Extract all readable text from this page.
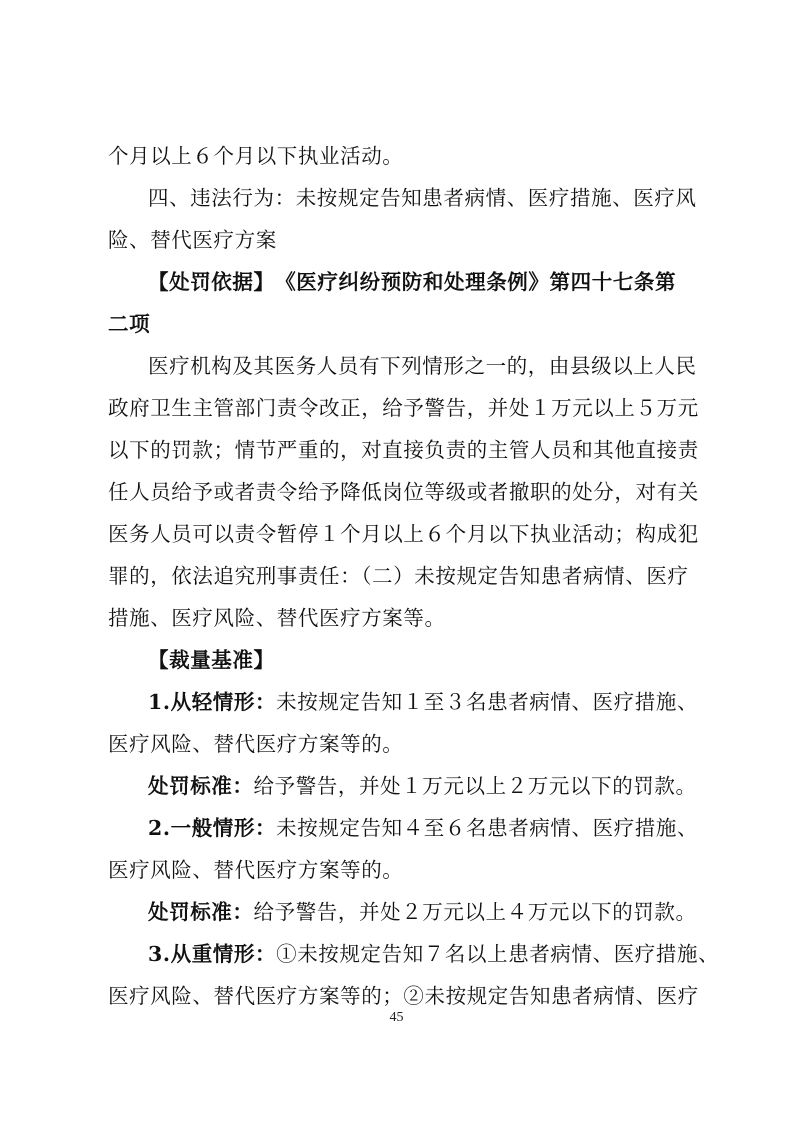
个月以上６个月以下执业活动。
四、违法行为：未按规定告知患者病情、医疗措施、医疗风
险、替代医疗方案
【处罚依据】　《医疗纠纷预防和处理条例》第四十七条第
二项
医疗机构及其医务人员有下列情形之一的，由县级以上人民
政府卫生主管部门责令改正，给予警告，并处１万元以上５万元
以下的罚款；情节严重的，对直接负责的主管人员和其他直接责
任人员给予或者责令给予降低岗位等级或者撤职的处分，对有关
医务人员可以责令暂停１个月以上６个月以下执业活动；构成犯
罪的，依法追究刑事责任：（二）未按规定告知患者病情、医疗
措施、医疗风险、替代医疗方案等。
【裁量基准】
1.从轻情形：未按规定告知１至３名患者病情、医疗措施、
医疗风险、替代医疗方案等的。
处罚标准：给予警告，并处１万元以上２万元以下的罚款。
2.一般情形：未按规定告知４至６名患者病情、医疗措施、
医疗风险、替代医疗方案等的。
处罚标准：给予警告，并处２万元以上４万元以下的罚款。
3.从重情形：①未按规定告知７名以上患者病情、医疗措施、
医疗风险、替代医疗方案等的；②未按规定告知患者病情、医疗
45
